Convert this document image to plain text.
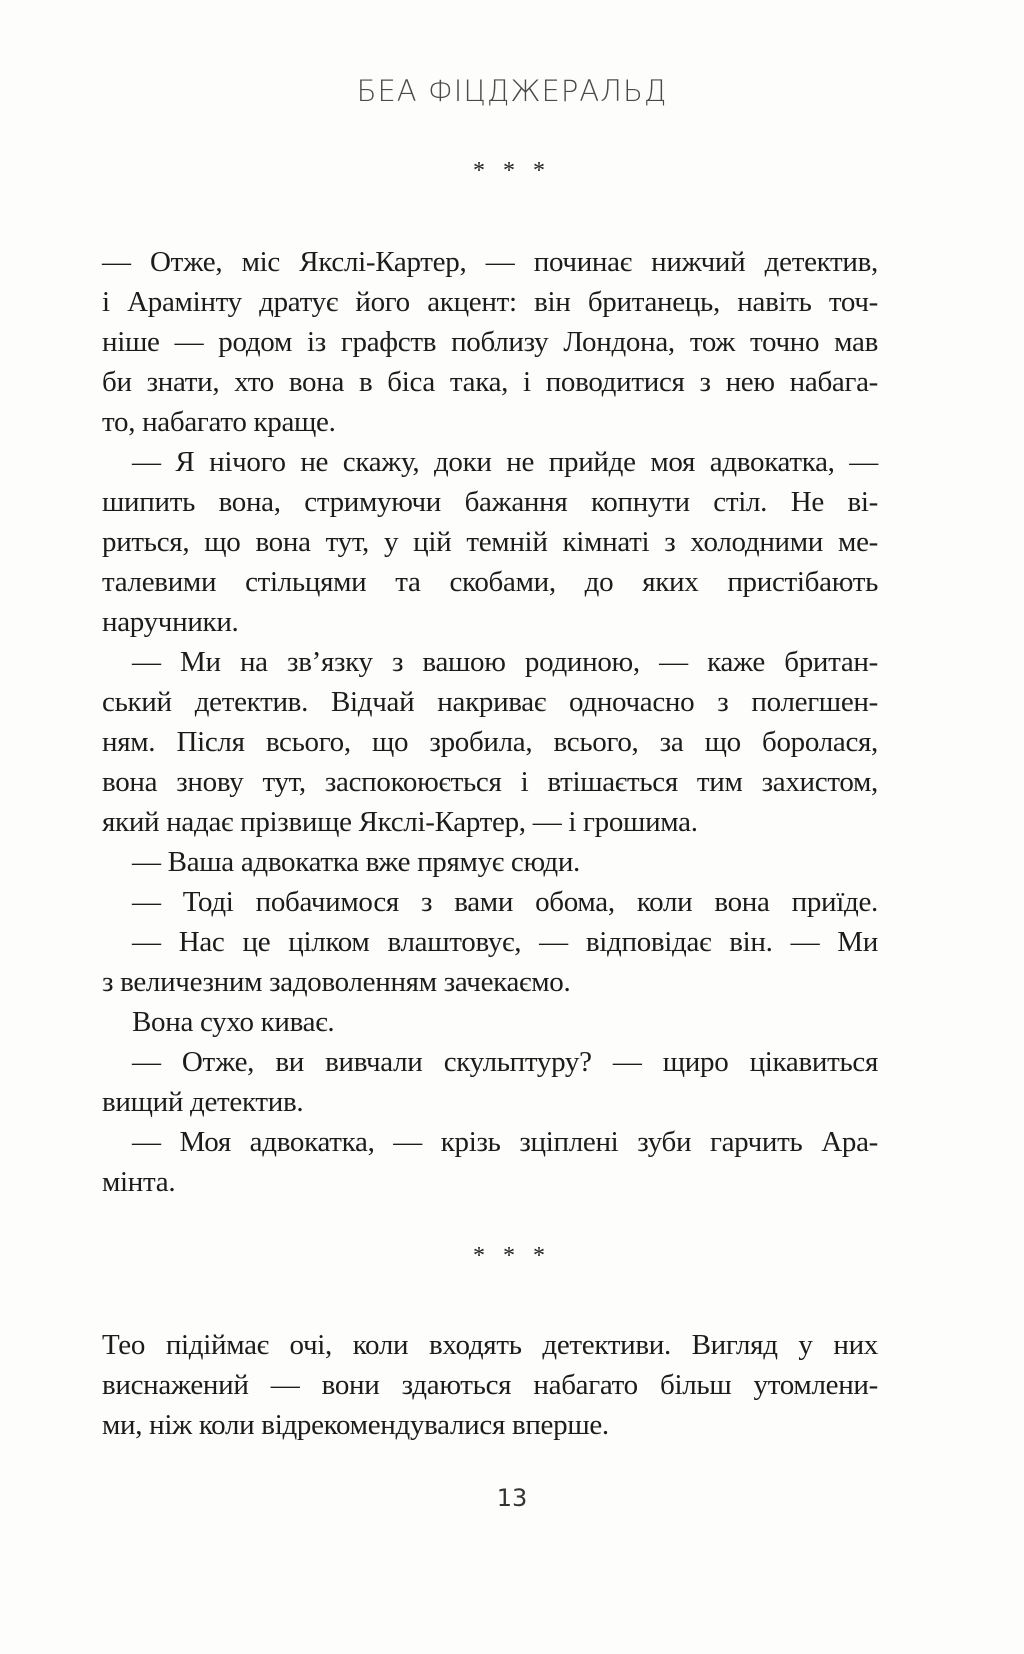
БЕА ФІЦДЖЕРАЛЬД
* * *
— Отже, міс Якслі-Картер, — починає нижчий детектив,
і Арамінту дратує його акцент: він британець, навіть точ-
ніше — родом із графств поблизу Лондона, тож точно мав
би знати, хто вона в біса така, і поводитися з нею набага-
то, набагато краще.
— Я нічого не скажу, доки не прийде моя адвокатка, —
шипить вона, стримуючи бажання копнути стіл. Не ві-
риться, що вона тут, у цій темній кімнаті з холодними ме-
талевими стільцями та скобами, до яких пристібають
наручники.
— Ми на зв’язку з вашою родиною, — каже британ-
ський детектив. Відчай накриває одночасно з полегшен-
ням. Після всього, що зробила, всього, за що боролася,
вона знову тут, заспокоюється і втішається тим захистом,
який надає прізвище Якслі-Картер, — і грошима.
— Ваша адвокатка вже прямує сюди.
— Тоді побачимося з вами обома, коли вона приїде.
— Нас це цілком влаштовує, — відповідає він. — Ми
з величезним задоволенням зачекаємо.
Вона сухо киває.
— Отже, ви вивчали скульптуру? — щиро цікавиться
вищий детектив.
— Моя адвокатка, — крізь зціплені зуби гарчить Ара-
мінта.
* * *
Тео підіймає очі, коли входять детективи. Вигляд у них
виснажений — вони здаються набагато більш утомлени-
ми, ніж коли відрекомендувалися вперше.
13
